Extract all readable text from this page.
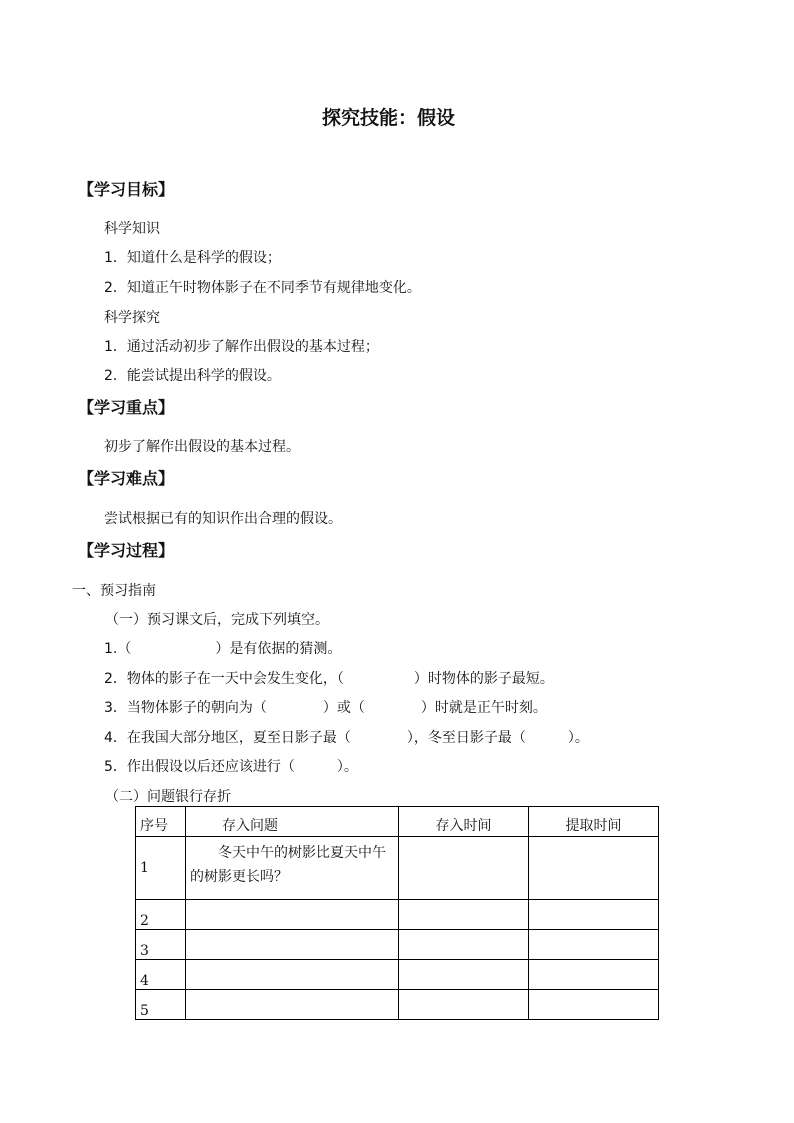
探究技能：假设
【学习目标】
科学知识
1．知道什么是科学的假设；
2．知道正午时物体影子在不同季节有规律地变化。
科学探究
1．通过活动初步了解作出假设的基本过程；
2．能尝试提出科学的假设。
【学习重点】
初步了解作出假设的基本过程。
【学习难点】
尝试根据已有的知识作出合理的假设。
【学习过程】
一、预习指南
（一）预习课文后，完成下列填空。
1.（　　　　　　）是有依据的猜测。
2．物体的影子在一天中会发生变化，（　　　　　）时物体的影子最短。
3．当物体影子的朝向为（　　　　）或（　　　　）时就是正午时刻。
4．在我国大部分地区，夏至日影子最（　　　　），冬至日影子最（　　　）。
5．作出假设以后还应该进行（　　　）。
（二）问题银行存折
序号	存入问题	存入时间	提取时间
1	冬天中午的树影比夏天中午的树影更长吗？		
2			
3			
4			
5			
